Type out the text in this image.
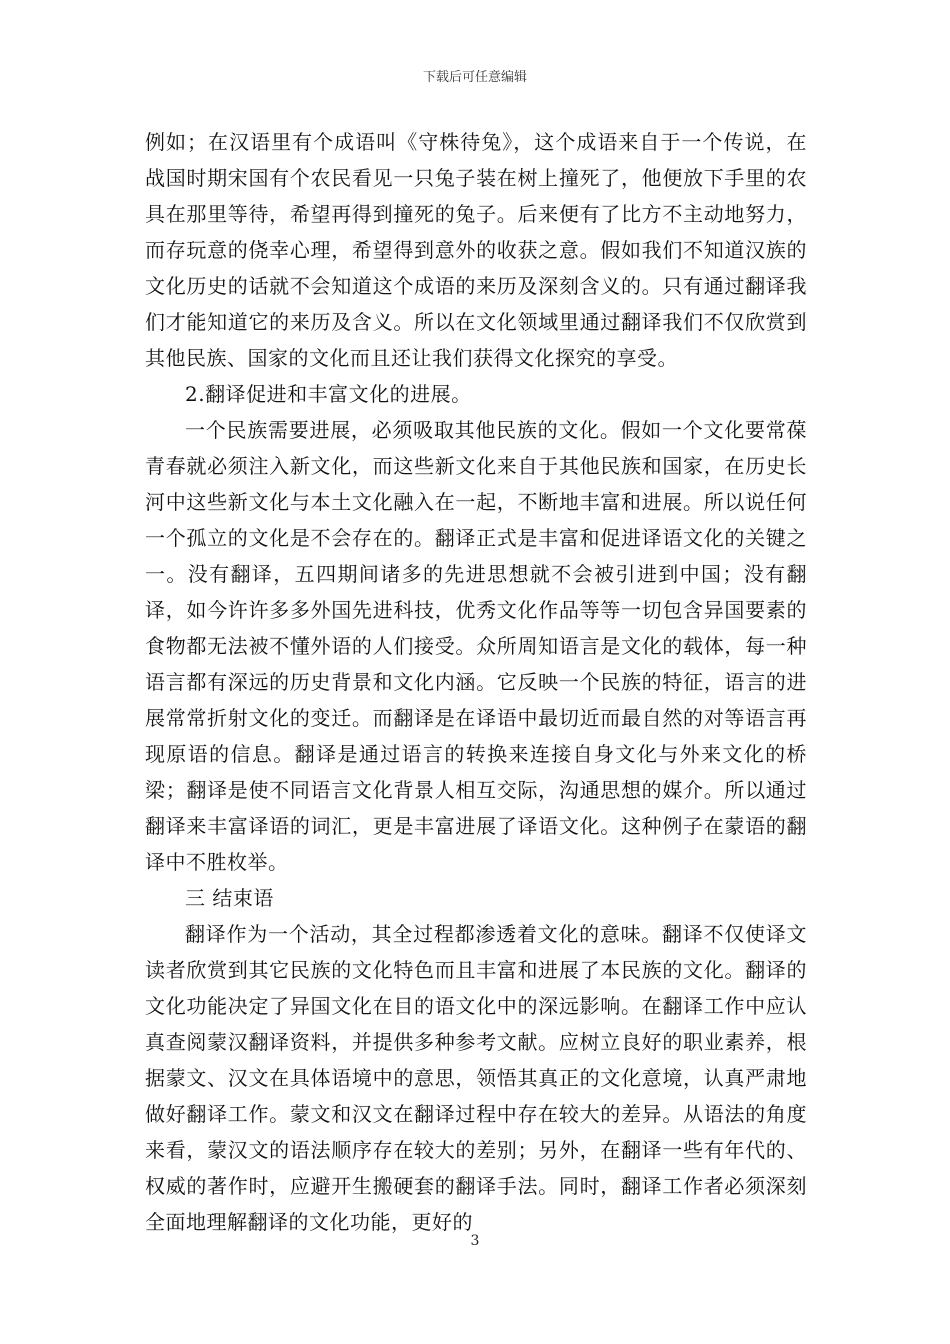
下载后可任意编辑

例如；在汉语里有个成语叫《守株待兔》，这个成语来自于一个传说，在战国时期宋国有个农民看见一只兔子装在树上撞死了，他便放下手里的农具在那里等待，希望再得到撞死的兔子。后来便有了比方不主动地努力，而存玩意的侥幸心理，希望得到意外的收获之意。假如我们不知道汉族的文化历史的话就不会知道这个成语的来历及深刻含义的。只有通过翻译我们才能知道它的来历及含义。所以在文化领域里通过翻译我们不仅欣赏到其他民族、国家的文化而且还让我们获得文化探究的享受。

2.翻译促进和丰富文化的进展。

一个民族需要进展，必须吸取其他民族的文化。假如一个文化要常葆青春就必须注入新文化，而这些新文化来自于其他民族和国家，在历史长河中这些新文化与本土文化融入在一起，不断地丰富和进展。所以说任何一个孤立的文化是不会存在的。翻译正式是丰富和促进译语文化的关键之一。没有翻译，五四期间诸多的先进思想就不会被引进到中国；没有翻译，如今许许多多外国先进科技，优秀文化作品等等一切包含异国要素的食物都无法被不懂外语的人们接受。众所周知语言是文化的载体，每一种语言都有深远的历史背景和文化内涵。它反映一个民族的特征，语言的进展常常折射文化的变迁。而翻译是在译语中最切近而最自然的对等语言再现原语的信息。翻译是通过语言的转换来连接自身文化与外来文化的桥梁；翻译是使不同语言文化背景人相互交际，沟通思想的媒介。所以通过翻译来丰富译语的词汇，更是丰富进展了译语文化。这种例子在蒙语的翻译中不胜枚举。

三 结束语

翻译作为一个活动，其全过程都渗透着文化的意味。翻译不仅使译文读者欣赏到其它民族的文化特色而且丰富和进展了本民族的文化。翻译的文化功能决定了异国文化在目的语文化中的深远影响。在翻译工作中应认真查阅蒙汉翻译资料，并提供多种参考文献。应树立良好的职业素养，根据蒙文、汉文在具体语境中的意思，领悟其真正的文化意境，认真严肃地做好翻译工作。蒙文和汉文在翻译过程中存在较大的差异。从语法的角度来看，蒙汉文的语法顺序存在较大的差别；另外，在翻译一些有年代的、权威的著作时，应避开生搬硬套的翻译手法。同时，翻译工作者必须深刻全面地理解翻译的文化功能，更好的

3
